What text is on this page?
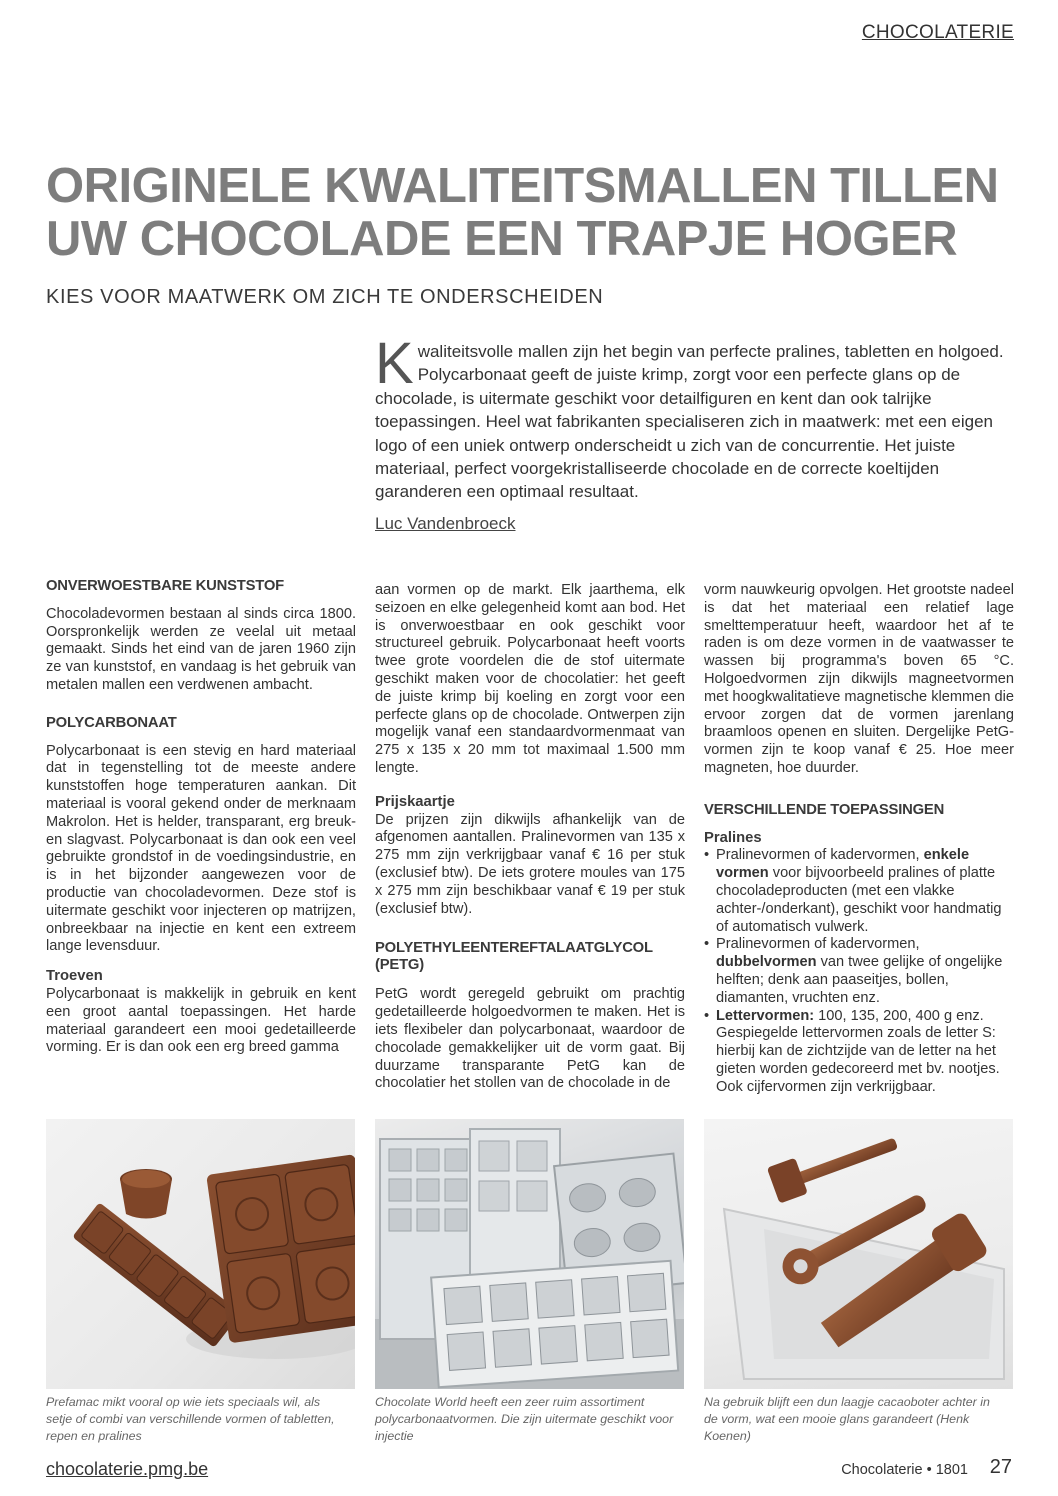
CHOCOLATERIE
ORIGINELE KWALITEITSMALLEN TILLEN
UW CHOCOLADE EEN TRAPJE HOGER
KIES VOOR MAATWERK OM ZICH TE ONDERSCHEIDEN
K waliteitsvolle mallen zijn het begin van perfecte pralines, tabletten en holgoed. Polycarbonaat geeft de juiste krimp, zorgt voor een perfecte glans op de chocolade, is uitermate geschikt voor detailfiguren en kent dan ook talrijke toepassingen. Heel wat fabrikanten specialiseren zich in maatwerk: met een eigen logo of een uniek ontwerp onderscheidt u zich van de concurrentie. Het juiste materiaal, perfect voorgekristalliseerde chocolade en de correcte koeltijden garanderen een optimaal resultaat.
Luc Vandenbroeck
ONVERWOESTBARE KUNSTSTOF

Chocoladevormen bestaan al sinds circa 1800. Oorspronkelijk werden ze veelal uit metaal gemaakt. Sinds het eind van de jaren 1960 zijn ze van kunststof, en vandaag is het gebruik van metalen mallen een verdwenen ambacht.

POLYCARBONAAT

Polycarbonaat is een stevig en hard materiaal dat in tegenstelling tot de meeste andere kunststoffen hoge temperaturen aankan. Dit materiaal is vooral gekend onder de merknaam Makrolon. Het is helder, transparant, erg breuk- en slagvast. Polycarbonaat is dan ook een veel gebruikte grondstof in de voedingsindustrie, en is in het bijzonder aangewezen voor de productie van chocoladevormen. Deze stof is uitermate geschikt voor injecteren op matrijzen, onbreekbaar na injectie en kent een extreem lange levensduur.

Troeven

Polycarbonaat is makkelijk in gebruik en kent een groot aantal toepassingen. Het harde materiaal garandeert een mooi gedetailleerde vorming. Er is dan ook een erg breed gamma

aan vormen op de markt. Elk jaarthema, elk seizoen en elke gelegenheid komt aan bod. Het is onverwoestbaar en ook geschikt voor structureel gebruik. Polycarbonaat heeft voorts twee grote voordelen die de stof uitermate geschikt maken voor de chocolatier: het geeft de juiste krimp bij koeling en zorgt voor een perfecte glans op de chocolade. Ontwerpen zijn mogelijk vanaf een standaardvormenmaat van 275 x 135 x 20 mm tot maximaal 1.500 mm lengte.

Prijskaartje

De prijzen zijn dikwijls afhankelijk van de afgenomen aantallen. Pralinevormen van 135 x 275 mm zijn verkrijgbaar vanaf € 16 per stuk (exclusief btw). De iets grotere moules van 175 x 275 mm zijn beschikbaar vanaf € 19 per stuk (exclusief btw).

POLYETHYLEENTEREFTALAATGLYCOL (PETG)

PetG wordt geregeld gebruikt om prachtig gedetailleerde holgoedvormen te maken. Het is iets flexibeler dan polycarbonaat, waardoor de chocolade gemakkelijker uit de vorm gaat. Bij duurzame transparante PetG kan de chocolatier het stollen van de chocolade in de

vorm nauwkeurig opvolgen. Het grootste nadeel is dat het materiaal een relatief lage smelttemperatuur heeft, waardoor het af te raden is om deze vormen in de vaatwasser te wassen bij programma's boven 65 °C. Holgoedvormen zijn dikwijls magneetvormen met hoogkwalitatieve magnetische klemmen die ervoor zorgen dat de vormen jarenlang braamloos openen en sluiten. Dergelijke PetG-vormen zijn te koop vanaf € 25. Hoe meer magneten, hoe duurder.

VERSCHILLENDE TOEPASSINGEN
Pralines
• Pralinevormen of kadervormen, enkele vormen voor bijvoorbeeld pralines of platte chocoladeproducten (met een vlakke achter-/onderkant), geschikt voor handmatig of automatisch vulwerk.
• Pralinevormen of kadervormen, dubbelvormen van twee gelijke of ongelijke helften; denk aan paaseitjes, bollen, diamanten, vruchten enz.
• Lettervormen: 100, 135, 200, 400 g enz. Gespiegelde lettervormen zoals de letter S: hierbij kan de zichtzijde van de letter na het gieten worden gedecoreerd met bv. nootjes. Ook cijfervormen zijn verkrijgbaar.
Prefamac mikt vooral op wie iets speciaals wil, als setje of combi van verschillende vormen of tabletten, repen en pralines
Chocolate World heeft een zeer ruim assortiment polycarbonaatvormen. Die zijn uitermate geschikt voor injectie
Na gebruik blijft een dun laagje cacaoboter achter in de vorm, wat een mooie glans garandeert (Henk Koenen)
chocolaterie.pmg.be	Chocolaterie • 1801 27
